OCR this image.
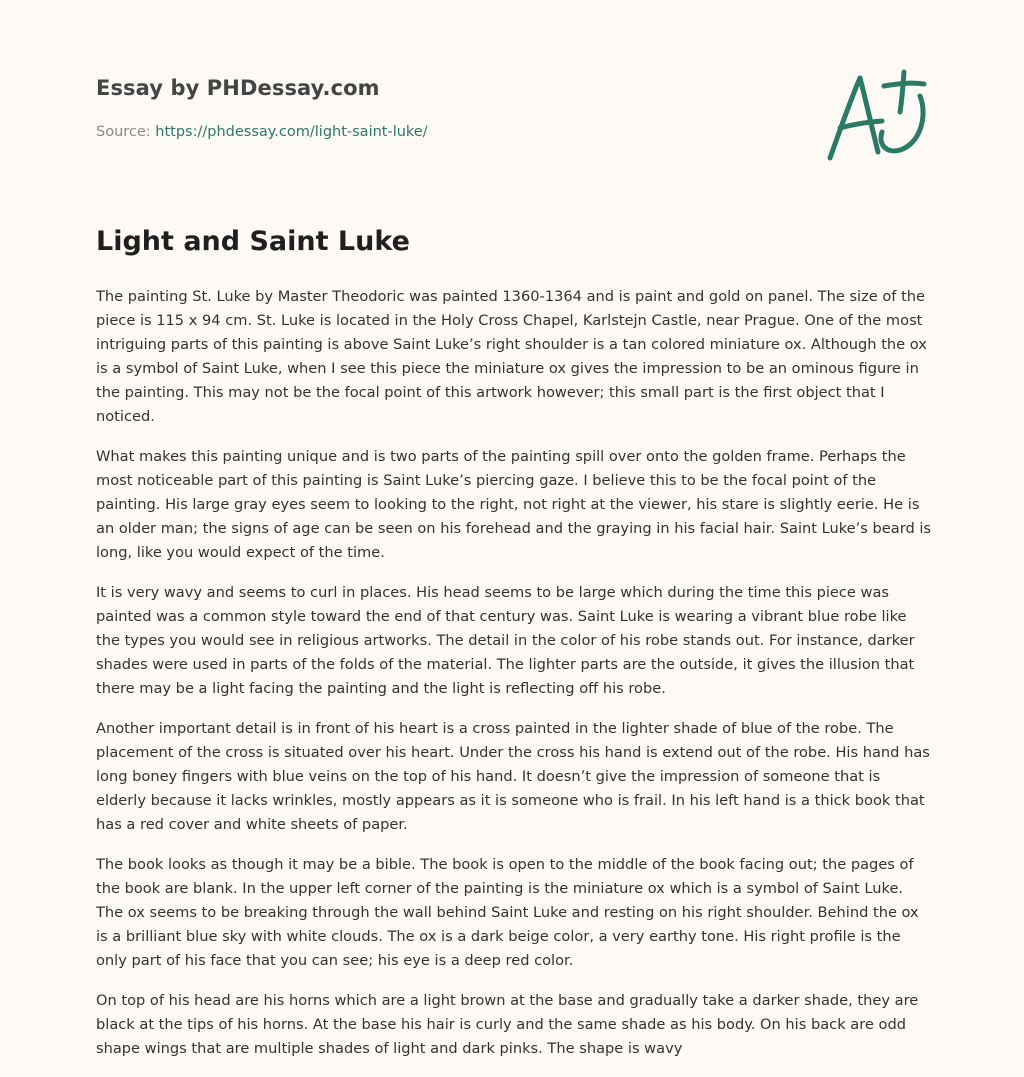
Essay by PHDessay.com
Source: https://phdessay.com/light-saint-luke/
Light and Saint Luke

The painting St. Luke by Master Theodoric was painted 1360-1364 and is paint and gold on panel. The size of the piece is 115 x 94 cm. St. Luke is located in the Holy Cross Chapel, Karlstejn Castle, near Prague. One of the most intriguing parts of this painting is above Saint Luke’s right shoulder is a tan colored miniature ox. Although the ox is a symbol of Saint Luke, when I see this piece the miniature ox gives the impression to be an ominous figure in the painting. This may not be the focal point of this artwork however; this small part is the first object that I noticed.

What makes this painting unique and is two parts of the painting spill over onto the golden frame. Perhaps the most noticeable part of this painting is Saint Luke’s piercing gaze. I believe this to be the focal point of the painting. His large gray eyes seem to looking to the right, not right at the viewer, his stare is slightly eerie. He is an older man; the signs of age can be seen on his forehead and the graying in his facial hair. Saint Luke’s beard is long, like you would expect of the time.

It is very wavy and seems to curl in places. His head seems to be large which during the time this piece was painted was a common style toward the end of that century was. Saint Luke is wearing a vibrant blue robe like the types you would see in religious artworks. The detail in the color of his robe stands out. For instance, darker shades were used in parts of the folds of the material. The lighter parts are the outside, it gives the illusion that there may be a light facing the painting and the light is reflecting off his robe.

Another important detail is in front of his heart is a cross painted in the lighter shade of blue of the robe. The placement of the cross is situated over his heart. Under the cross his hand is extend out of the robe. His hand has long boney fingers with blue veins on the top of his hand. It doesn’t give the impression of someone that is elderly because it lacks wrinkles, mostly appears as it is someone who is frail. In his left hand is a thick book that has a red cover and white sheets of paper.

The book looks as though it may be a bible. The book is open to the middle of the book facing out; the pages of the book are blank. In the upper left corner of the painting is the miniature ox which is a symbol of Saint Luke. The ox seems to be breaking through the wall behind Saint Luke and resting on his right shoulder. Behind the ox is a brilliant blue sky with white clouds. The ox is a dark beige color, a very earthy tone. His right profile is the only part of his face that you can see; his eye is a deep red color.

On top of his head are his horns which are a light brown at the base and gradually take a darker shade, they are black at the tips of his horns. At the base his hair is curly and the same shade as his body. On his back are odd shape wings that are multiple shades of light and dark pinks. The shape is wavy
